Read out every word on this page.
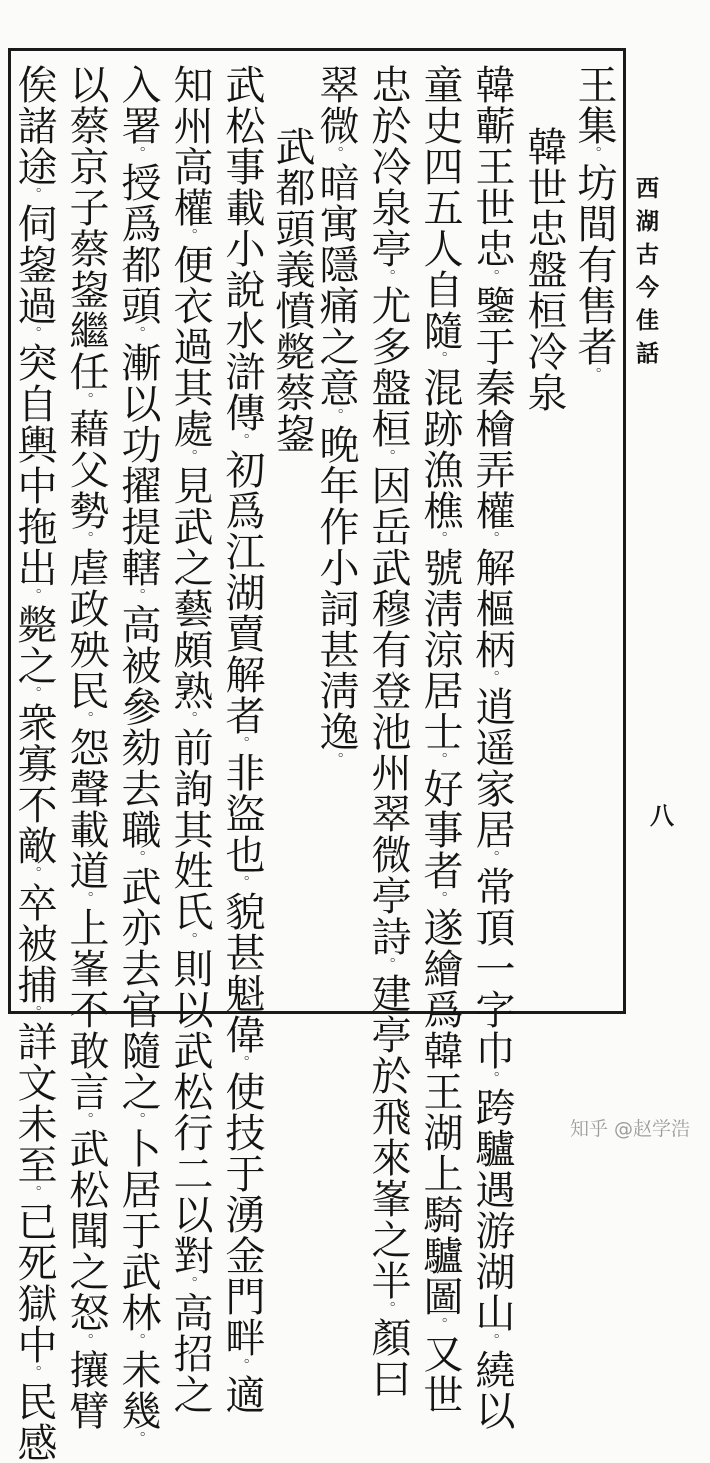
王集。坊間有售者。
韓世忠盤桓冷泉
韓蘄王世忠。鑒于秦檜弄權。解樞柄。逍遥家居。常頂一字巾。跨驢遇游湖山。繞以
童史四五人自隨。混跡漁樵。號淸涼居士。好事者。遂繪爲韓王湖上騎驢圖。又世
忠於冷泉亭。尤多盤桓。因岳武穆有登池州翠微亭詩。建亭於飛來峯之半。顏曰
翠微。暗寓隱痛之意。晚年作小詞甚淸逸。
武都頭義憤斃蔡鋆
武松事載小說水滸傳。初爲江湖賣解者。非盜也。貌甚魁偉。使技于湧金門畔。適
知州高權。便衣過其處。見武之藝頗熟。前詢其姓氏。則以武松行二以對。高招之
入署。授爲都頭。漸以功擢提轄。高被參劾去職。武亦去官隨之。卜居于武林。未幾。
以蔡京子蔡鋆繼任。藉父勢。虐政殃民。怨聲載道。上峯不敢言。武松聞之怒。攘臂
俟諸途。伺鋆過。突自輿中拖出。斃之。衆寡不敵。卒被捕。詳文未至。已死獄中。民感
西湖古今佳話
八
知乎 @赵学浩
